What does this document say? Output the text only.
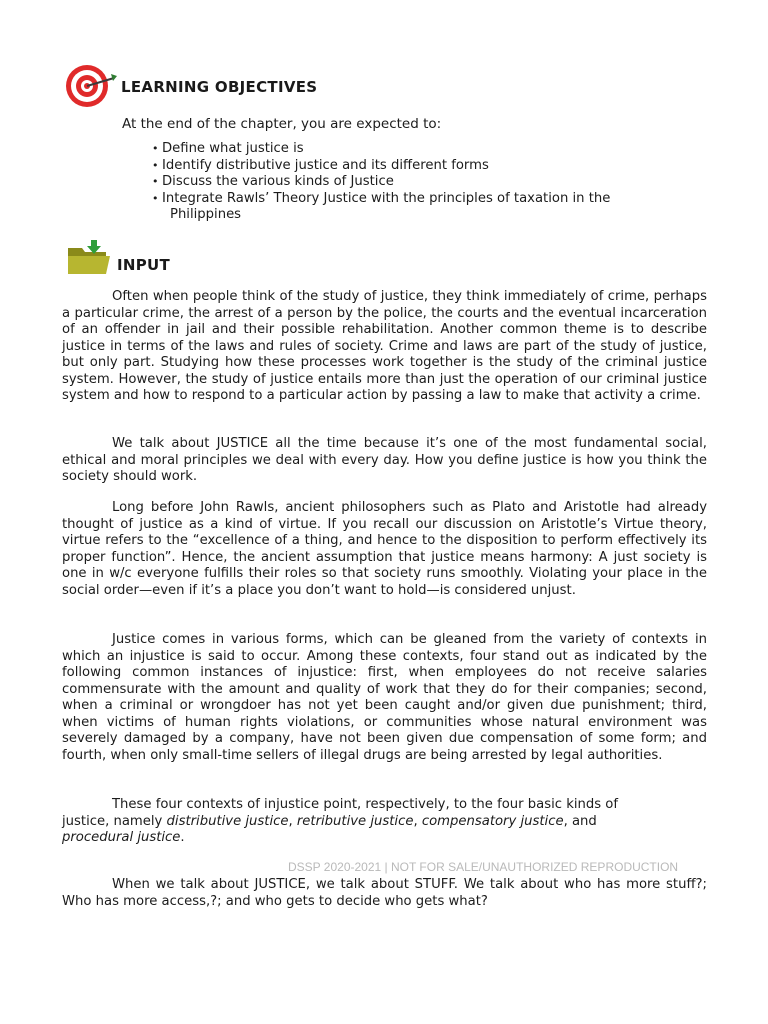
LEARNING OBJECTIVES
At the end of the chapter, you are expected to:
• Define what justice is
• Identify distributive justice and its different forms
• Discuss the various kinds of Justice
• Integrate Rawls’ Theory Justice with the principles of taxation in the
Philippines
INPUT

Often when people think of the study of justice, they think immediately of crime, perhaps a particular crime, the arrest of a person by the police, the courts and the eventual incarceration of an offender in jail and their possible rehabilitation. Another common theme is to describe justice in terms of the laws and rules of society. Crime and laws are part of the study of justice, but only part. Studying how these processes work together is the study of the criminal justice system. However, the study of justice entails more than just the operation of our criminal justice system and how to respond to a particular action by passing a law to make that activity a crime.

We talk about JUSTICE all the time because it’s one of the most fundamental social, ethical and moral principles we deal with every day. How you define justice is how you think the society should work.

Long before John Rawls, ancient philosophers such as Plato and Aristotle had already thought of justice as a kind of virtue. If you recall our discussion on Aristotle’s Virtue theory, virtue refers to the “excellence of a thing, and hence to the disposition to perform effectively its proper function”. Hence, the ancient assumption that justice means harmony: A just society is one in w/c everyone fulfills their roles so that society runs smoothly. Violating your place in the social order—even if it’s a place you don’t want to hold—is considered unjust.

Justice comes in various forms, which can be gleaned from the variety of contexts in which an injustice is said to occur. Among these contexts, four stand out as indicated by the following common instances of injustice: first, when employees do not receive salaries commensurate with the amount and quality of work that they do for their companies; second, when a criminal or wrongdoer has not yet been caught and/or given due punishment; third, when victims of human rights violations, or communities whose natural environment was severely damaged by a company, have not been given due compensation of some form; and fourth, when only small-time sellers of illegal drugs are being arrested by legal authorities.

These four contexts of injustice point, respectively, to the four basic kinds of justice, namely distributive justice, retributive justice, compensatory justice, and procedural justice.

DSSP 2020-2021 | NOT FOR SALE/UNAUTHORIZED REPRODUCTION

When we talk about JUSTICE, we talk about STUFF. We talk about who has more stuff?; Who has more access,?; and who gets to decide who gets what?
